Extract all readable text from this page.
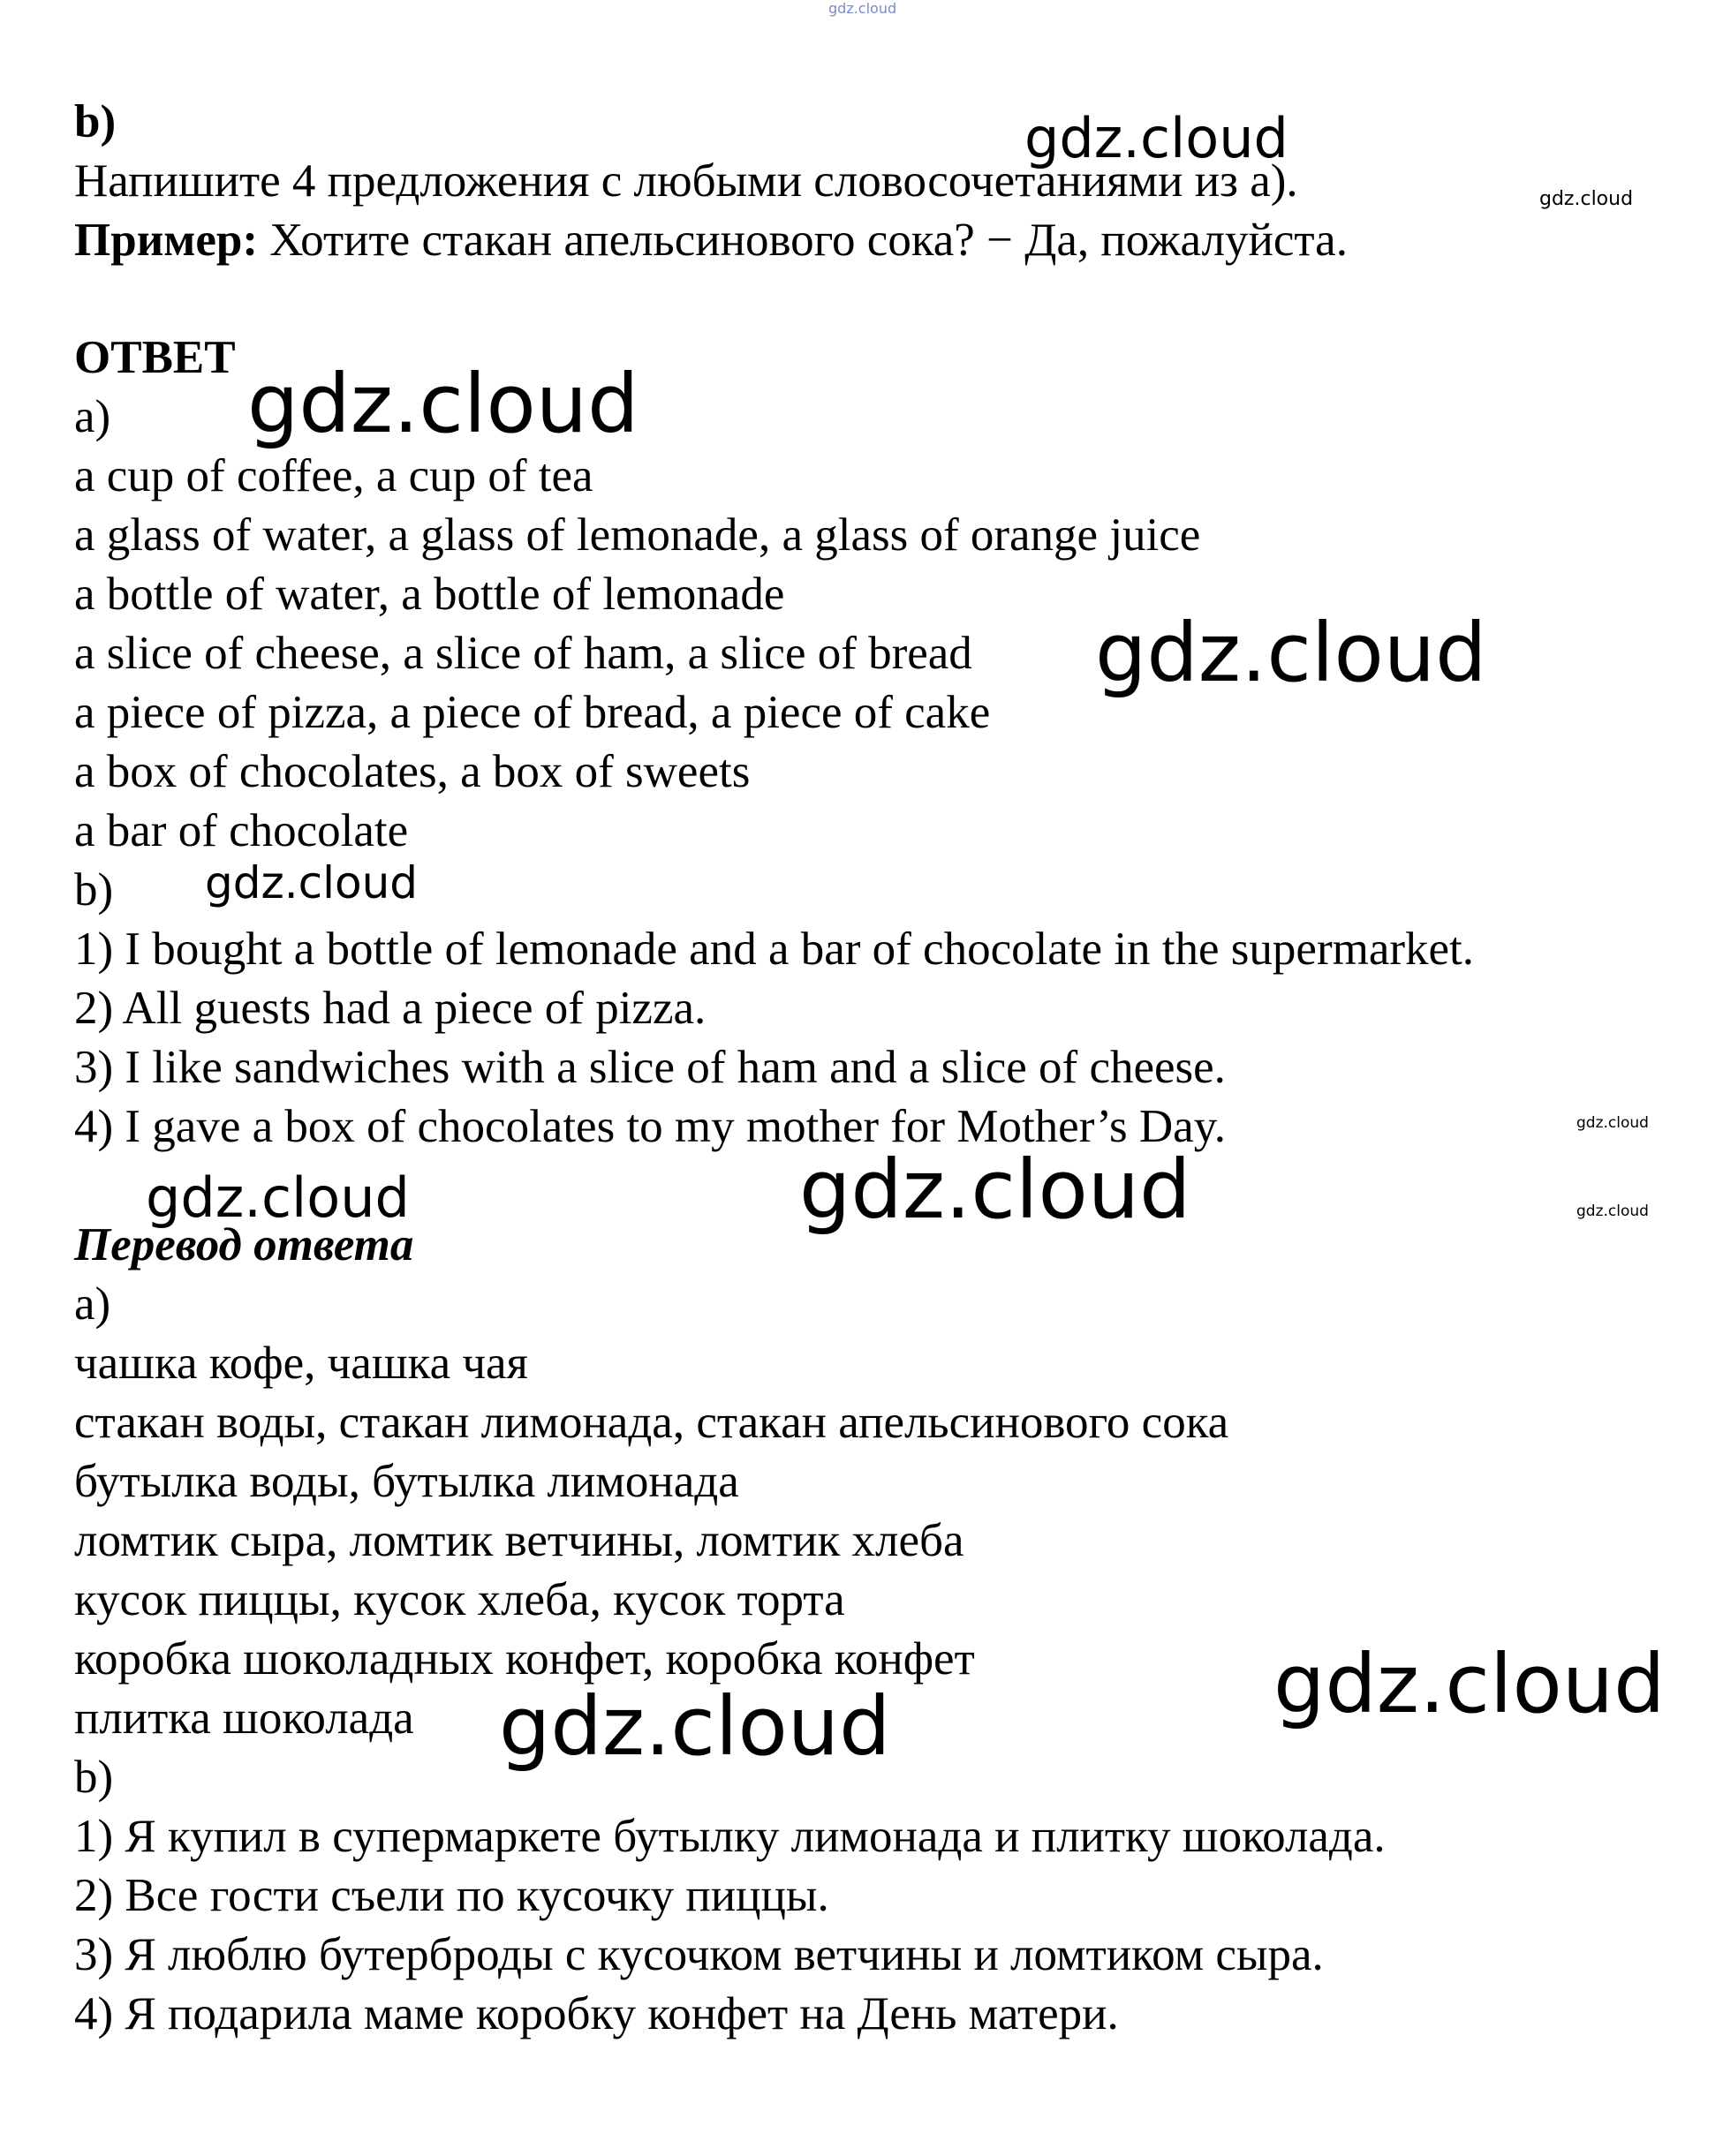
b)

Напишите 4 предложения с любыми словосочетаниями из а).

Пример: Хотите стакан апельсинового сока? − Да, пожалуйста.

ОТВЕТ

a)

a cup of coffee, a cup of tea

a glass of water, a glass of lemonade, a glass of orange juice

a bottle of water, a bottle of lemonade

a slice of cheese, a slice of ham, a slice of bread

a piece of pizza, a piece of bread, a piece of cake

a box of chocolates, a box of sweets

a bar of chocolate

b)

1) I bought a bottle of lemonade and a bar of chocolate in the supermarket.

2) All guests had a piece of pizza.

3) I like sandwiches with a slice of ham and a slice of cheese.

4) I gave a box of chocolates to my mother for Mother’s Day.

Перевод ответа

а)

чашка кофе, чашка чая

стакан воды, стакан лимонада, стакан апельсинового сока

бутылка воды, бутылка лимонада

ломтик сыра, ломтик ветчины, ломтик хлеба

кусок пиццы, кусок хлеба, кусок торта

коробка шоколадных конфет, коробка конфет

плитка шоколада

b)

1) Я купил в супермаркете бутылку лимонада и плитку шоколада.

2) Все гости съели по кусочку пиццы.

3) Я люблю бутерброды с кусочком ветчины и ломтиком сыра.

4) Я подарила маме коробку конфет на День матери.

gdz.cloud
gdz.cloud
gdz.cloud
gdz.cloud
gdz.cloud
gdz.cloud
gdz.cloud
gdz.cloud	gdz.cloud	gdz.cloud
gdz.cloud
gdz.cloud
